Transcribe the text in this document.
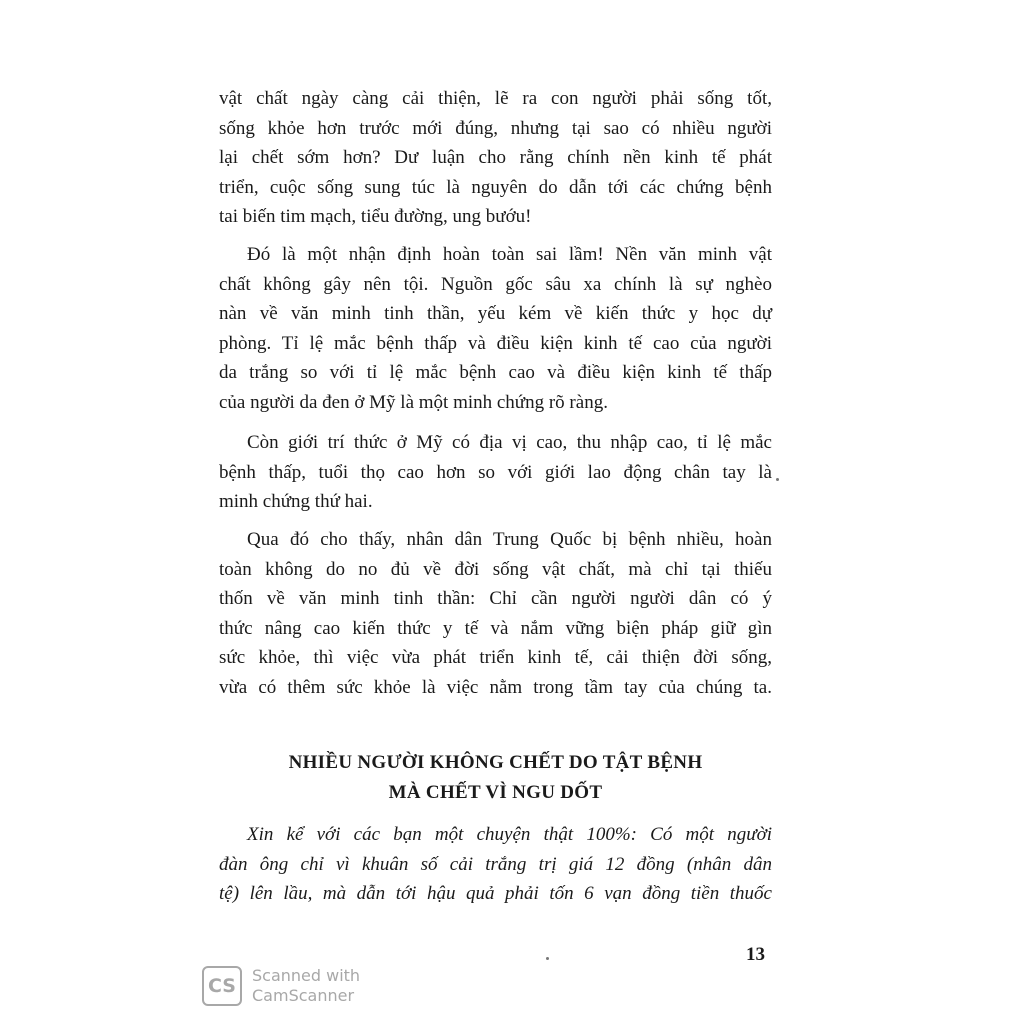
vật chất ngày càng cải thiện, lẽ ra con người phải sống tốt,
sống khỏe hơn trước mới đúng, nhưng tại sao có nhiều người
lại chết sớm hơn? Dư luận cho rằng chính nền kinh tế phát
triển, cuộc sống sung túc là nguyên do dẫn tới các chứng bệnh
tai biến tim mạch, tiểu đường, ung bướu!

Đó là một nhận định hoàn toàn sai lầm! Nền văn minh vật
chất không gây nên tội. Nguồn gốc sâu xa chính là sự nghèo
nàn về văn minh tinh thần, yếu kém về kiến thức y học dự
phòng. Tỉ lệ mắc bệnh thấp và điều kiện kinh tế cao của người
da trắng so với tỉ lệ mắc bệnh cao và điều kiện kinh tế thấp
của người da đen ở Mỹ là một minh chứng rõ ràng.

Còn giới trí thức ở Mỹ có địa vị cao, thu nhập cao, tỉ lệ mắc
bệnh thấp, tuổi thọ cao hơn so với giới lao động chân tay là
minh chứng thứ hai.

Qua đó cho thấy, nhân dân Trung Quốc bị bệnh nhiều, hoàn
toàn không do no đủ về đời sống vật chất, mà chỉ tại thiếu
thốn về văn minh tinh thần: Chỉ cần người người dân có ý
thức nâng cao kiến thức y tế và nắm vững biện pháp giữ gìn
sức khỏe, thì việc vừa phát triển kinh tế, cải thiện đời sống,
vừa có thêm sức khỏe là việc nằm trong tầm tay của chúng ta.

NHIỀU NGƯỜI KHÔNG CHẾT DO TẬT BỆNH
MÀ CHẾT VÌ NGU DỐT
Xin kể với các bạn một chuyện thật 100%: Có một người
đàn ông chỉ vì khuân số cải trắng trị giá 12 đồng (nhân dân
tệ) lên lầu, mà dẫn tới hậu quả phải tốn 6 vạn đồng tiền thuốc
13
CS	Scanned with
CamScanner
